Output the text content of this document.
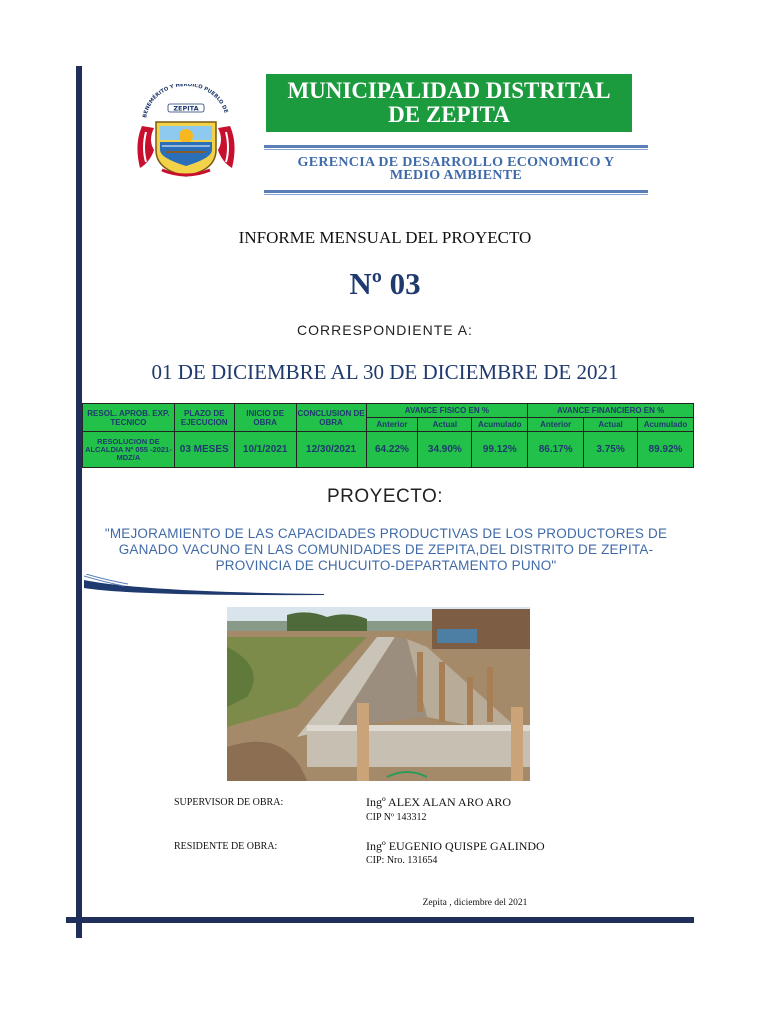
BENEMÉRITO Y HEROICO PUEBLO DE
ZEPITA
MUNICIPALIDAD DISTRITAL
DE ZEPITA
GERENCIA DE DESARROLLO ECONOMICO Y
MEDIO AMBIENTE
INFORME MENSUAL DEL PROYECTO
Nº 03
CORRESPONDIENTE A:
01 DE DICIEMBRE AL 30 DE DICIEMBRE DE 2021
RESOL. APROB. EXP. TECNICO	PLAZO DE EJECUCION	INICIO DE OBRA	CONCLUSION DE OBRA	AVANCE FISICO EN %			AVANCE FINANCIERO EN %		
				Anterior	Actual	Acumulado	Anterior	Actual	Acumulado
RESOLUCION DE ALCALDIA Nº 055 -2021-MDZ/A	03 MESES	10/1/2021	12/30/2021	64.22%	34.90%	99.12%	86.17%	3.75%	89.92%
PROYECTO:
"MEJORAMIENTO DE LAS CAPACIDADES PRODUCTIVAS DE LOS PRODUCTORES DE GANADO VACUNO EN LAS COMUNIDADES DE ZEPITA,DEL DISTRITO DE ZEPITA-PROVINCIA DE CHUCUITO-DEPARTAMENTO PUNO"
SUPERVISOR DE OBRA:	Ingº ALEX ALAN ARO ARO
CIP Nº 143312
RESIDENTE DE OBRA:	Ingº EUGENIO QUISPE GALINDO
CIP: Nro. 131654
Zepita , diciembre del 2021
